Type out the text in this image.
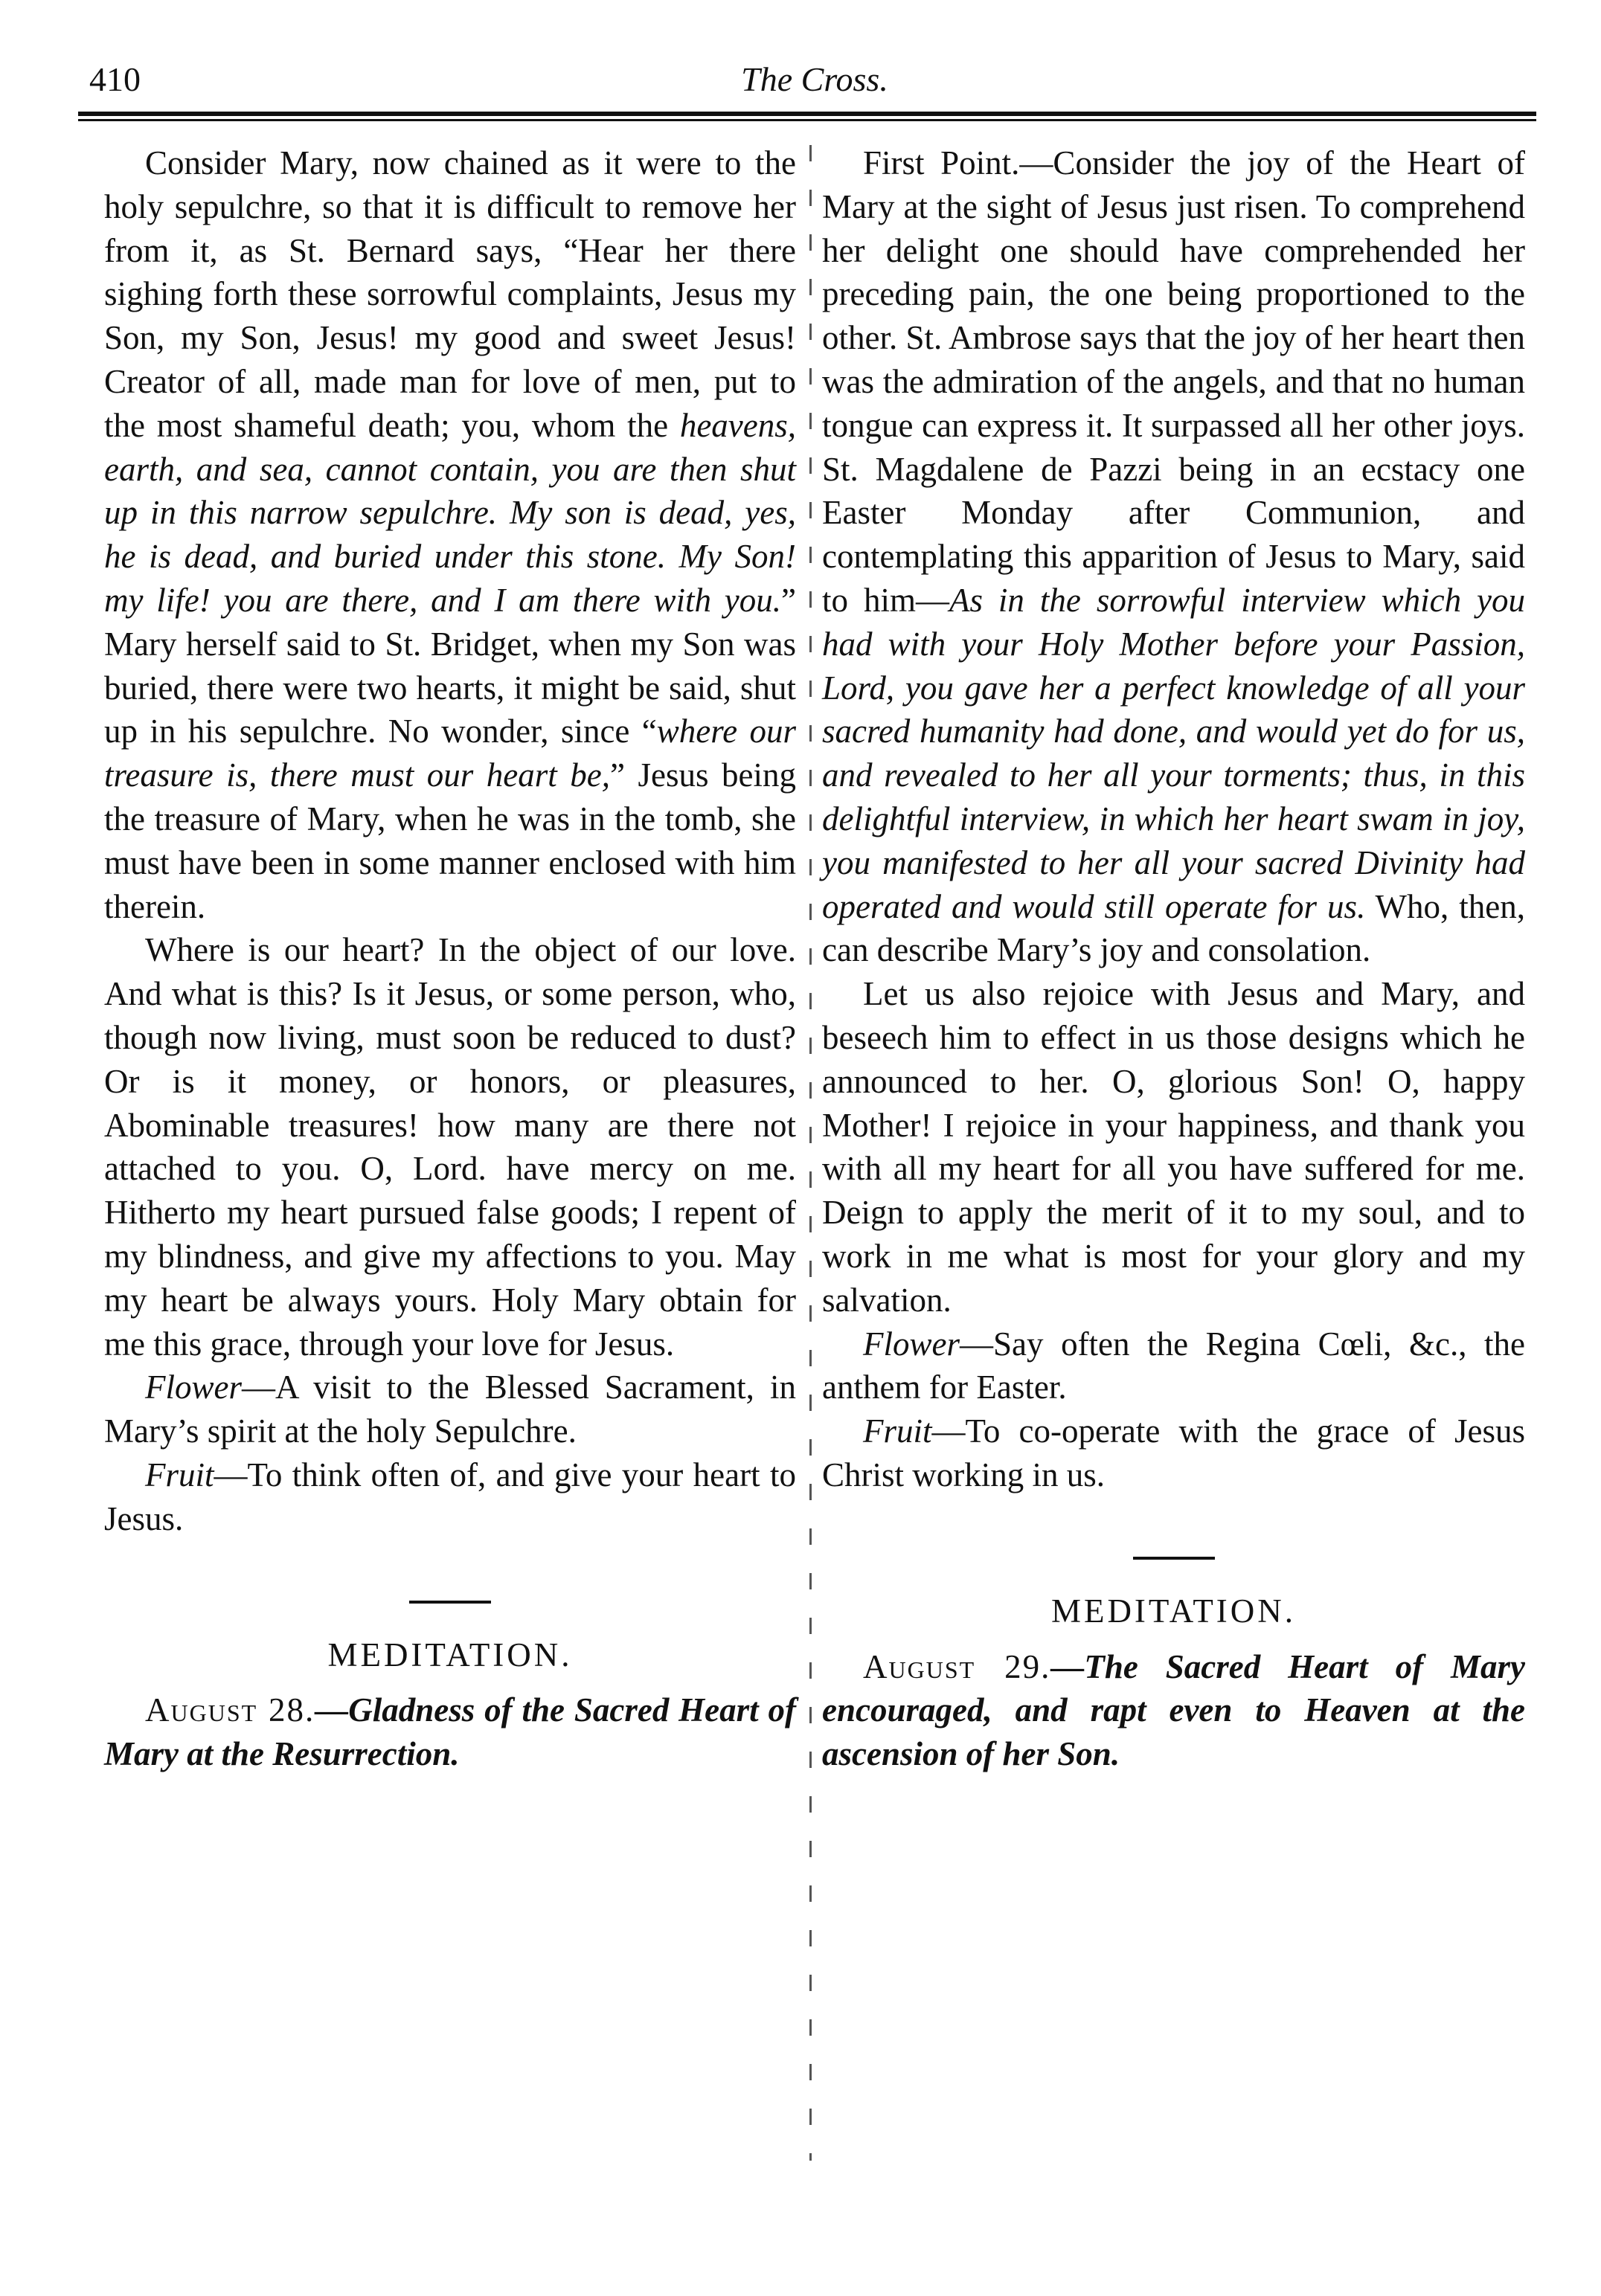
410	The Cross.

Consider Mary, now chained as it were to the holy sepulchre, so that it is difficult to remove her from it, as St. Bernard says, “Hear her there sighing forth these sorrowful complaints, Jesus my Son, my Son, Jesus! my good and sweet Jesus! Creator of all, made man for love of men, put to the most shameful death; you, whom the heavens, earth, and sea, cannot contain, you are then shut up in this narrow sepulchre. My son is dead, yes, he is dead, and buried under this stone. My Son! my life! you are there, and I am there with you.” Mary herself said to St. Bridget, when my Son was buried, there were two hearts, it might be said, shut up in his sepulchre. No wonder, since “where our treasure is, there must our heart be,” Jesus being the treasure of Mary, when he was in the tomb, she must have been in some manner enclosed with him therein.

Where is our heart? In the object of our love. And what is this? Is it Jesus, or some person, who, though now living, must soon be reduced to dust? Or is it money, or honors, or pleasures, Abominable treasures! how many are there not attached to you. O, Lord. have mercy on me. Hitherto my heart pursued false goods; I repent of my blindness, and give my affections to you. May my heart be always yours. Holy Mary obtain for me this grace, through your love for Jesus.

Flower—A visit to the Blessed Sacrament, in Mary’s spirit at the holy Sepulchre.

Fruit—To think often of, and give your heart to Jesus.

MEDITATION.

August 28.—Gladness of the Sacred Heart of Mary at the Resurrection.

First Point.—Consider the joy of the Heart of Mary at the sight of Jesus just risen. To comprehend her delight one should have comprehended her preceding pain, the one being proportioned to the other. St. Ambrose says that the joy of her heart then was the admiration of the angels, and that no human tongue can express it. It surpassed all her other joys. St. Magdalene de Pazzi being in an ecstacy one Easter Monday after Communion, and contemplating this apparition of Jesus to Mary, said to him—As in the sorrowful interview which you had with your Holy Mother before your Passion, Lord, you gave her a perfect knowledge of all your sacred humanity had done, and would yet do for us, and revealed to her all your torments; thus, in this delightful interview, in which her heart swam in joy, you manifested to her all your sacred Divinity had operated and would still operate for us. Who, then, can describe Mary’s joy and consolation.

Let us also rejoice with Jesus and Mary, and beseech him to effect in us those designs which he announced to her. O, glorious Son! O, happy Mother! I rejoice in your happiness, and thank you with all my heart for all you have suffered for me. Deign to apply the merit of it to my soul, and to work in me what is most for your glory and my salvation.

Flower—Say often the Regina Cœli, &c., the anthem for Easter.

Fruit—To co-operate with the grace of Jesus Christ working in us.

MEDITATION.

August 29.—The Sacred Heart of Mary encouraged, and rapt even to Heaven at the ascension of her Son.
